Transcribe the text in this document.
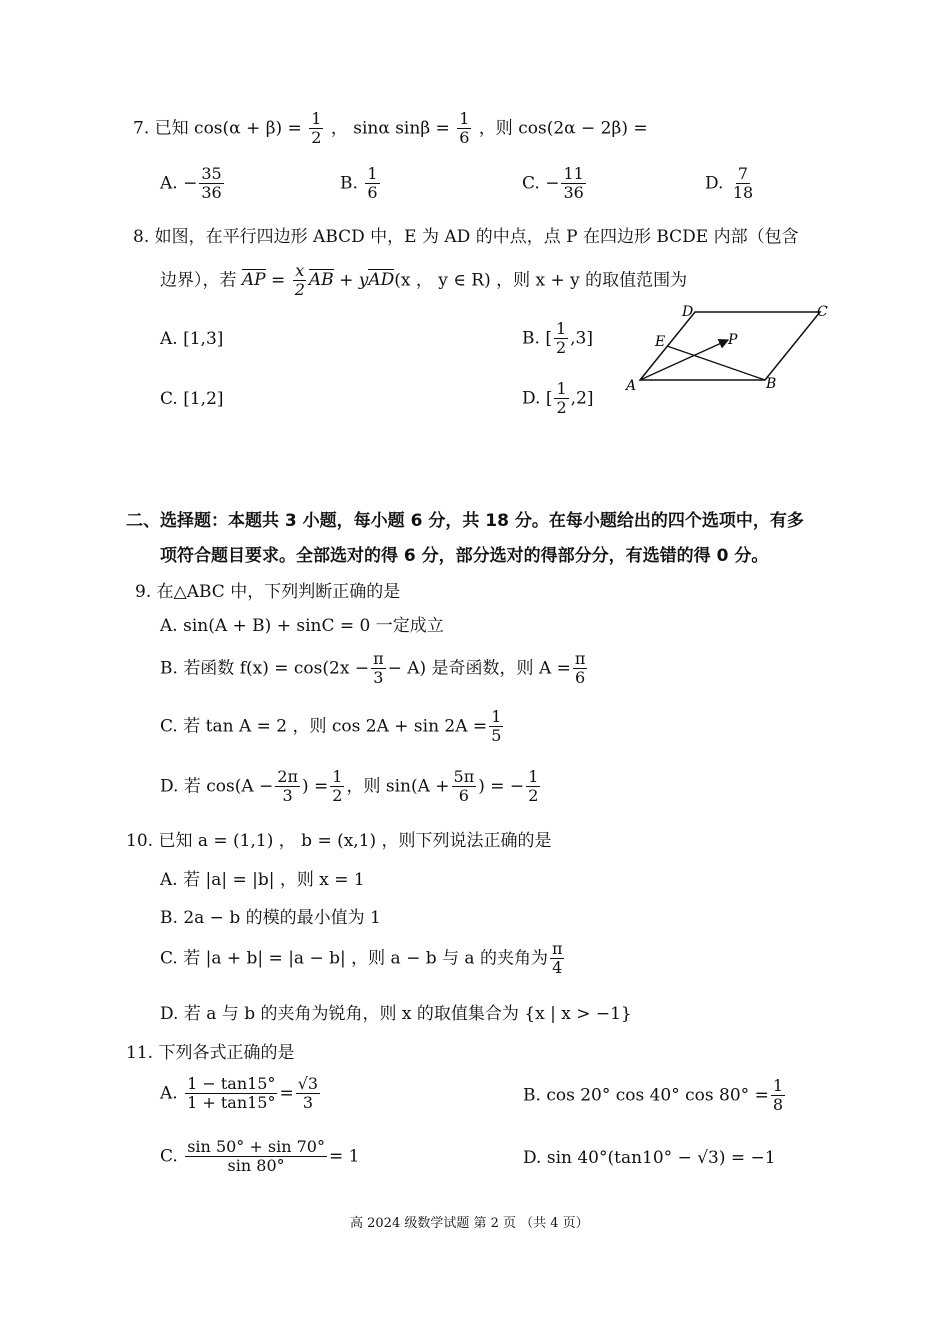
7. 已知 $\cos(\alpha + \beta) = \frac{1}{2}$ ， sinα $\sin\beta = \frac{1}{6}$ ，则 cos(2α − 2β) =
A. − $\frac{35}{36}$	B. $\frac{1}{6}$	C. − $\frac{11}{36}$	D. $\frac{7}{18}$
8. 如图，在平行四边形 ABCD 中，E 为 AD 的中点，点 P 在四边形 BCDE 内部（包含
边界），若 AP = $\frac{x}{2}$ AB + yAD(x ， y ∈ R) ，则 x + y 的取值范围为
A. [1,3]	B. [ $\frac{1}{2} ,3$]
C. [1,2]	D. [ $\frac{1}{2} ,2$]
A	B
C
D
E	P
二、选择题：本题共 3 小题，每小题 6 分，共 18 分。在每小题给出的四个选项中，有多
项符合题目要求。全部选对的得 6 分，部分选对的得部分分，有选错的得 0 分。
9. 在△ABC 中，下列判断正确的是
A. sin(A + B) + sinC = 0 一定成立
B. 若函数 $f(x) = \cos(2x - \frac{\pi}{3} - A)$ 是奇函数，则 $A = \frac{\pi}{6}$
C. 若 tan A = 2 ，则 $\cos 2A + \sin 2A = \frac{1}{5}$
D. 若 $\cos(A - \frac{2\pi}{3}$ ) = $\frac{1}{2}$ ，则 $\sin(A + \frac{5\pi}{6}$ ) = − $\frac{1}{2}$
10. 已知 a = (1,1) ， b = (x,1) ，则下列说法正确的是
A. 若 |a| = |b| ，则 x = 1
B. 2a − b 的模的最小值为 1
C. 若 |a + b| = |a − b| ，则 a − b 与 a 的夹角为 $\frac{\pi}{4}$
D. 若 a 与 b 的夹角为锐角，则 x 的取值集合为 {x | x > −1}
11. 下列各式正确的是
A. $\frac{1 - \tan 15^\circ}{1 + \tan 15^\circ} = \frac{√3}{3}$	B. cos 20° cos 40° $\cos 80^\circ = \frac{1}{8}$
C. $\frac{\sin 50^\circ + \sin 70^\circ}{\sin 80^\circ} = 1$	D. sin 40°(tan10° − √3) = −1
高 2024 级数学试题 第 2 页 （共 4 页）
